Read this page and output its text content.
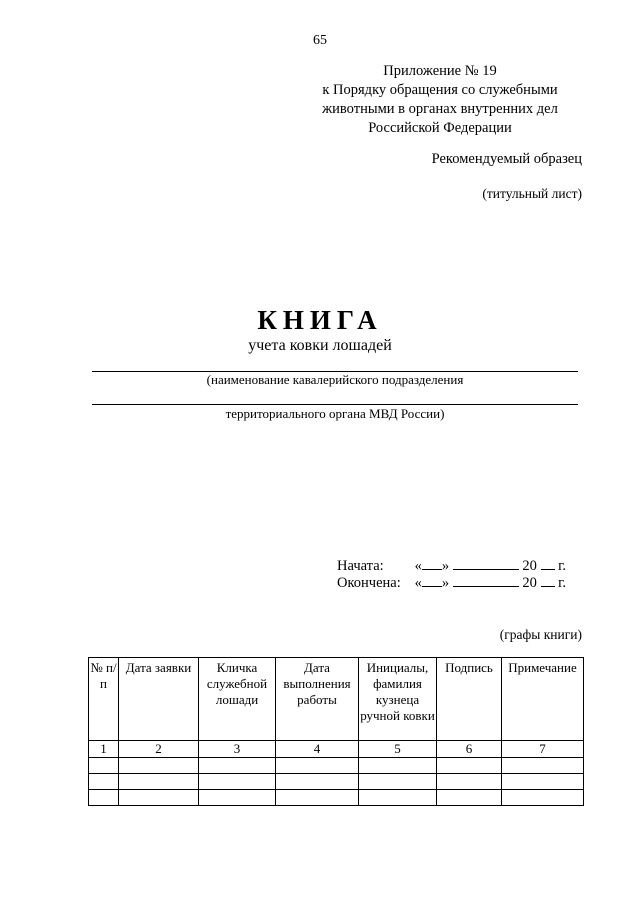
65
Приложение № 19
к Порядку обращения со служебными
животными в органах внутренних дел
Российской Федерации
Рекомендуемый образец
(титульный лист)
КНИГА
учета ковки лошадей
(наименование кавалерийского подразделения
территориального органа МВД России)
Начата: « »	20 г.
Окончена: « »	20 г.
(графы книги)
№ п/п	Дата заявки	Кличка служебной лошади	Дата выполнения работы	Инициалы, фамилия кузнеца ручной ковки	Подпись	Примечание
1	2	3	4	5	6	7
